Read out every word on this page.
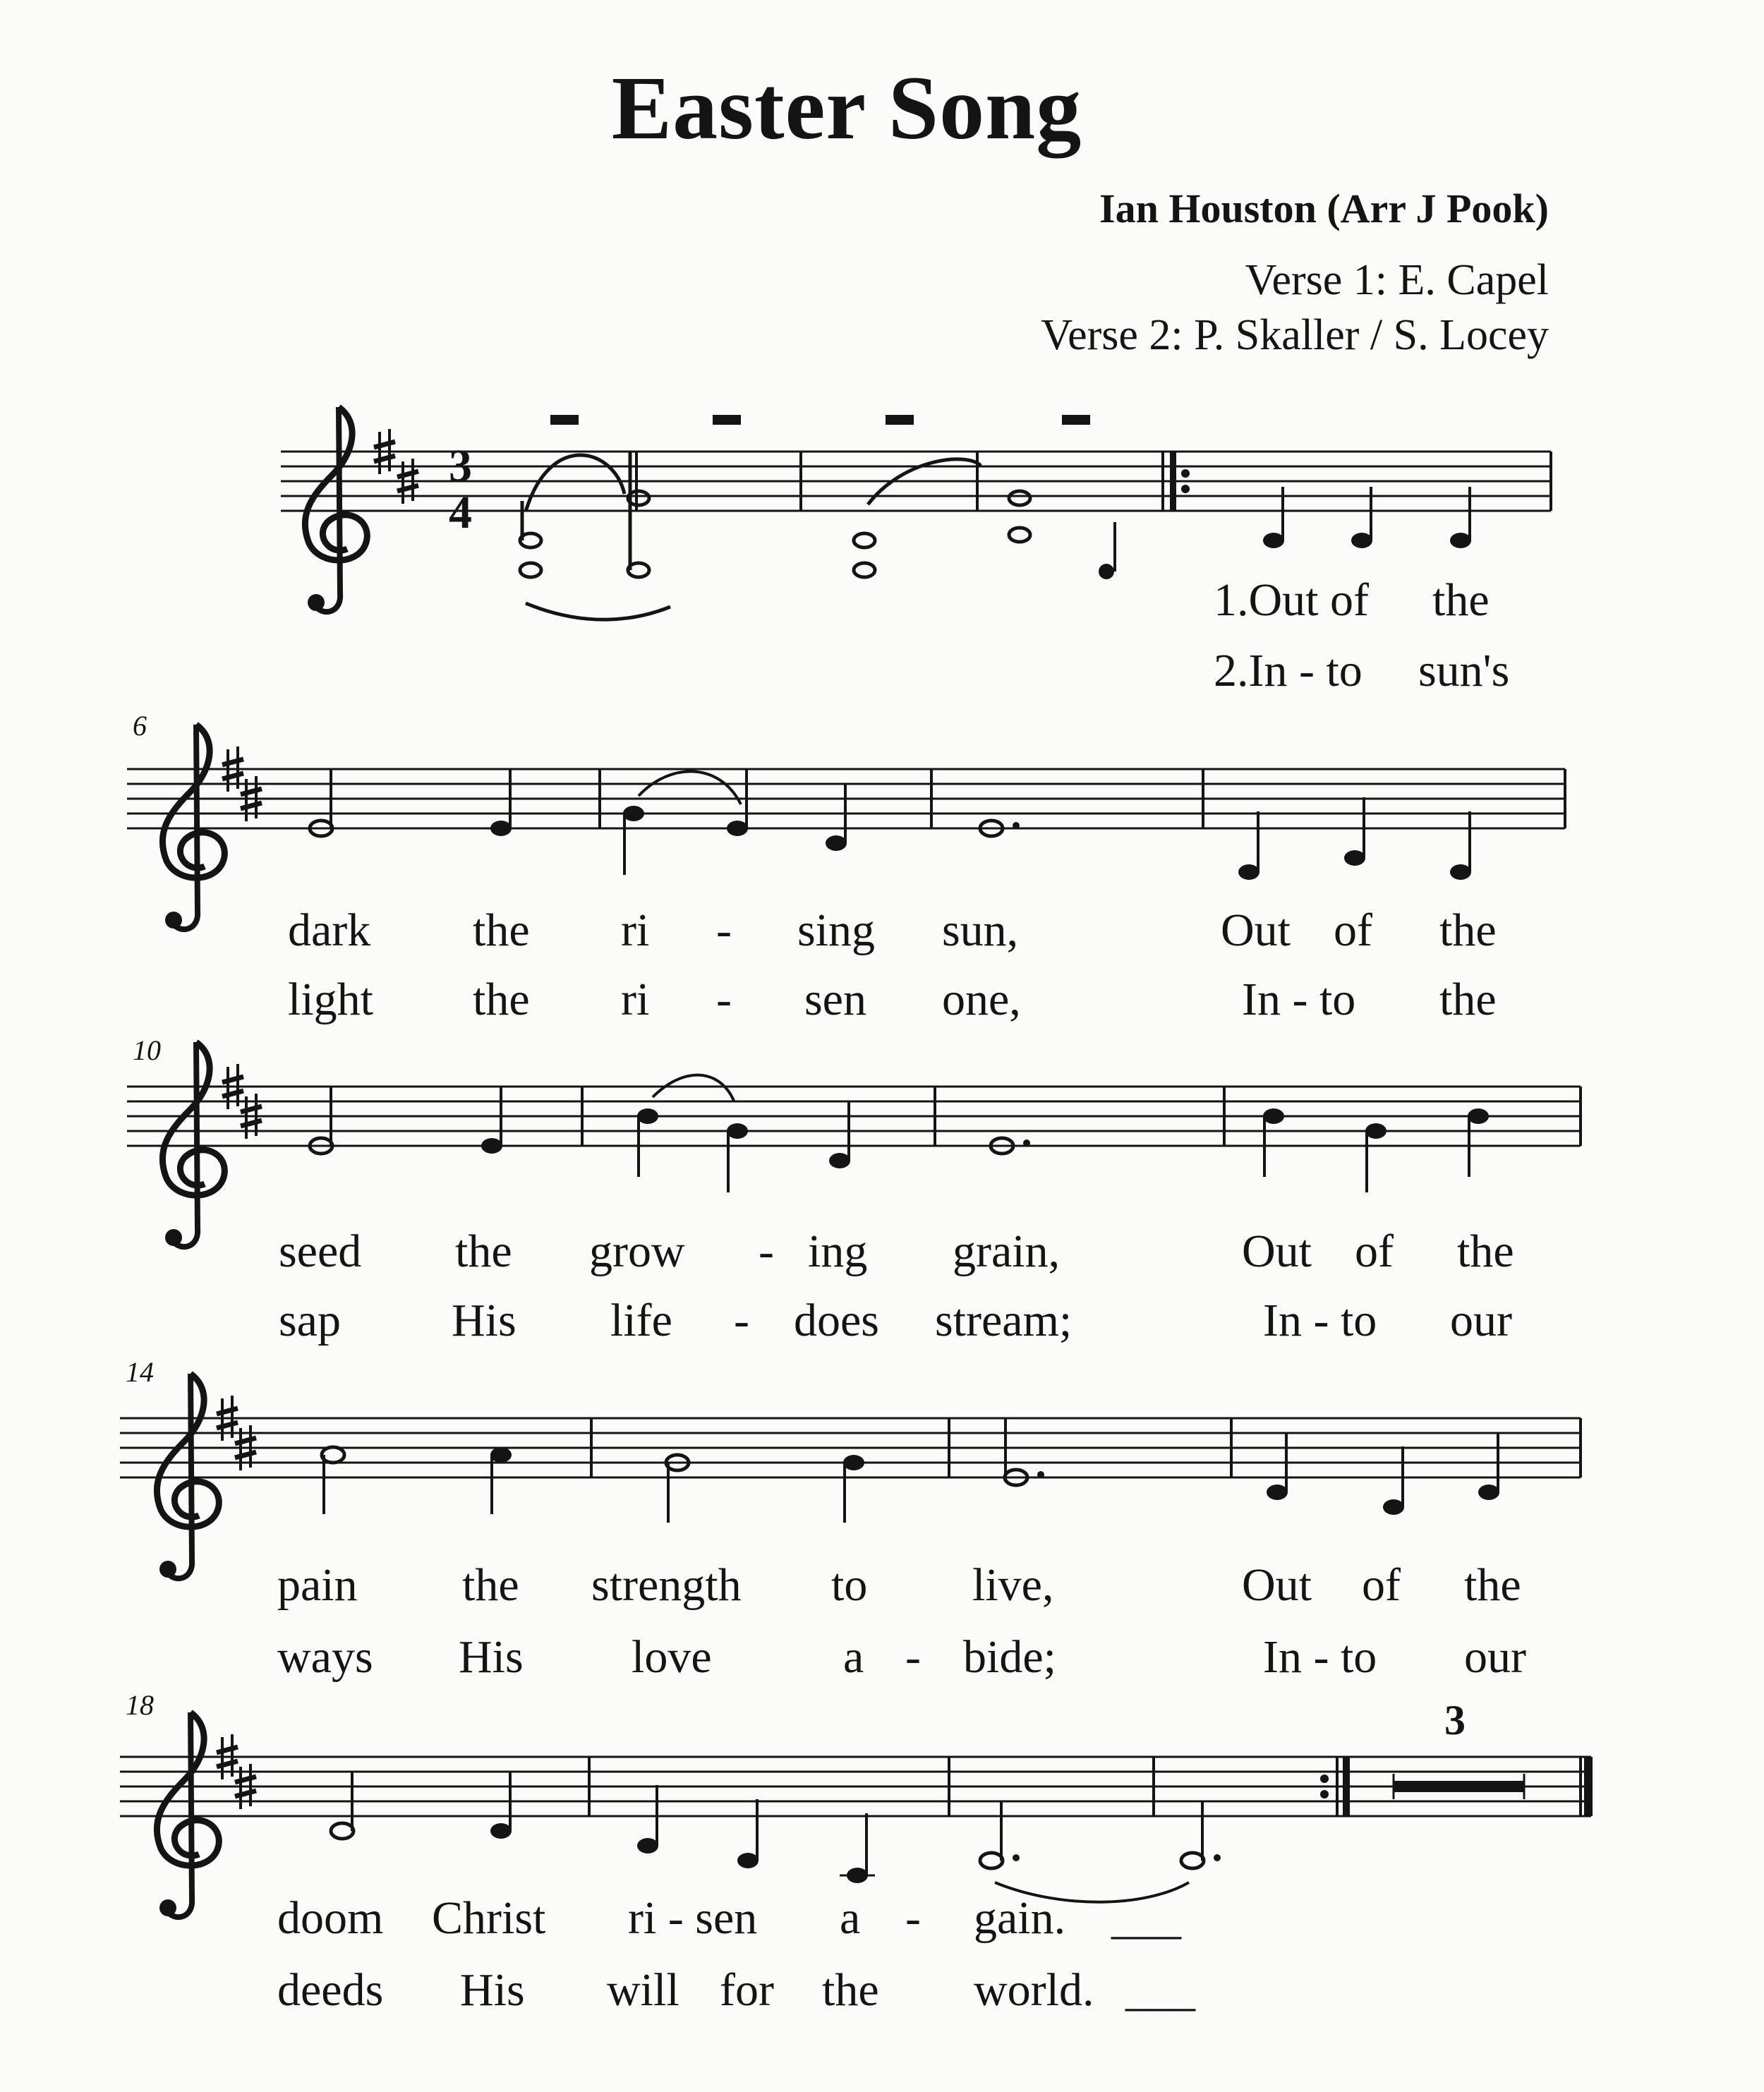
Easter Song
Ian Houston (Arr J Pook)
Verse 1: E. Capel
Verse 2: P. Skaller / S. Locey
3
4
1.Out of the
2.In - to sun's
6
dark the ri - sing sun,	Out of the
light the ri - sen one,	In - to the
10
seed the grow - ing grain,	Out of the
sap His life - does stream;	In - to our
14
pain the strength to live,	Out of the
ways His love	a - bide;	In - to our
18	3
doom Christ ri - sen a - gain. ___
deeds His will for the world. ___
